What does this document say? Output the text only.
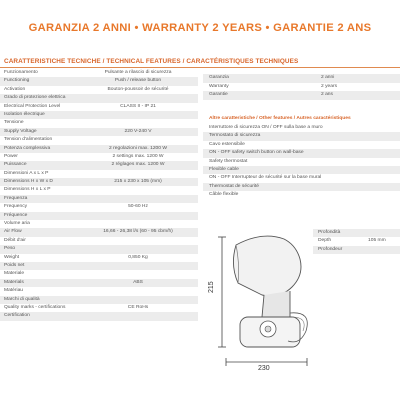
GARANZIA 2 ANNI • WARRANTY 2 YEARS • GARANTIE 2 ANS
CARATTERISTICHE TECNICHE / TECHNICAL FEATURES / CARACTÉRISTIQUES TECHNIQUES
Funzionamento	Pulsante a rilascio di sicurezza
Functioning	Push / release button
Activation	Bouton-poussoir de sécurité
Grado di protezione elettrica
Electrical Protection Level	CLASS II - IP 21
Isolation électrique
Tensione
Supply Voltage	220 V-240 V
Tension d'alimentation
Potenza complessiva	2 regolazioni max. 1200 W
Power	2 settings max. 1200 W
Puissance	2 réglages max. 1200 W
Dimensioni A x L x P
Dimensions H x W x D	215 x 230 x 105 (mm)
Dimensions H x L x P
Frequenza
Frequency	50-60 Hz
Fréquence
Volume aria
Air Flow	16,66 - 26,38 l/s (60 - 95 cbm/h)
Débit d'air
Peso
Weight	0,850 Kg
Poids net
Materiale
Materials	ABS
Matériau
Marchi di qualità
Quality marks - certifications	CE RoHs
Certification
Garanzia	2 anni
Warranty	2 years
Garantie	2 ans
Altre caratteristiche / Other features / Autres caractéristiques
Interruttore di sicurezza ON / OFF sulla base a muro
Termostato di sicurezza
Cavo estensibile
ON - OFF safety switch button on wall-base
Safety thermostat
Flexible cable
ON - OFF Interrupteur de sécurité sur la base mural
Thermostat de sécurité
Câble flexible
215
230
Profondità
Depth	105 mm
Profondeur
